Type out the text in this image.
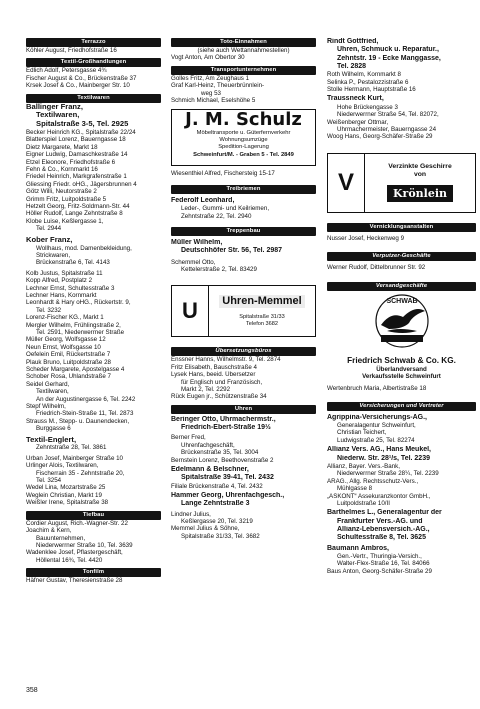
Terrazzo
Köhler August, Friedhofstraße 16
Textil-Großhandlungen
Edlich Adolf, Petersgasse 4¾
Fischer August & Co., Brückenstraße 37
Krsek Josef & Co., Mainberger Str. 10
Textilwaren
Ballinger Franz,
Textilwaren,
Spitalstraße 3-5, Tel. 2925
Becker Heinrich KG., Spitalstraße 22/24
Blatterspiel Lorenz, Bauerngasse 18
Dietz Margarete, Markt 18
Eigner Ludwig, Damaschkestraße 14
Etzel Eleonore, Friedhofstraße 6
Fehn & Co., Kornmarkt 16
Friedel Heinrich, Markgrafenstraße 1
Gliessing Friedr. oHG., Jägersbrunnen 4
Götz Willi, Neutorstraße 2
Grimm Fritz, Luitpoldstraße 5
Hetzelt Georg, Fritz-Soldmann-Str. 44
Höller Rudolf, Lange Zehntstraße 8
Klobe Luise, Keßlergasse 1,
Tel. 2944
Kober Franz,
Wollhaus, mod. Damenbekleidung,
Strickwaren,
Brückenstraße 6, Tel. 4143
Kolb Justus, Spitalstraße 11
Kopp Alfred, Postplatz 2
Lechner Ernst, Schultesstraße 3
Lechner Hans, Kornmarkt
Leonhardt & Hary oHG., Rückertstr. 9,
Tel. 3232
Lorenz-Fischer KG., Markt 1
Mergler Wilhelm, Frühlingstraße 2,
Tel. 2591, Niederwerrner Straße
Müller Georg, Wolfsgasse 12
Neun Ernst, Wolfsgasse 10
Oefelein Emil, Rückertstraße 7
Plauk Bruno, Luitpoldstraße 28
Scheder Margarete, Apostelgasse 4
Schober Rosa, Uhlandstraße 7
Seidel Gerhard,
Textilwaren,
An der Augustinergasse 6, Tel. 2242
Stepf Wilhelm,
Friedrich-Stein-Straße 11, Tel. 2873
Strauss M., Stepp- u. Daunendecken,
Burggasse 6
Textil-Englert,
Zehntstraße 28, Tel. 3861
Urban Josef, Mainberger Straße 10
Urlinger Alois, Textilwaren,
Fischerrain 35 - Zehntstraße 20,
Tel. 3254
Wedel Lina, Mozartstraße 25
Weglein Christian, Markt 19
Weißler Irene, Spitalstraße 38
Tiefbau
Cordier August, Rich.-Wagner-Str. 22
Joachim & Kern,
Bauunternehmen,
Niederwerrner Straße 10, Tel. 3639
Wadenklee Josef, Pflastergeschäft,
Höllental 16¾, Tel. 4420
Tonfilm
Häfner Gustav, Theresienstraße 28
Toto-Einnahmen
(siehe auch Wettannahmestellen)
Vogt Anton, Am Obertor 30
Transportunternehmen
Golles Fritz, Am Zeughaus 1
Graf Karl-Heinz, Theuerbrünnlein-
weg 53
Schmich Michael, Eselshöhe 5
J. M. Schulz
Möbeltransporte u. Güterfernverkehr
Wohnungsumzüge
Spedition-Lagerung
Schweinfurt/M. - Graben 5 - Tel. 2849
Wiesenthiel Alfred, Fischersteig 15-17
Treibriemen
Federolf Leonhard,
Leder-, Gummi- und Keilriemen,
Zehntstraße 22, Tel. 2940
Treppenbau
Müller Wilhelm,
Deutschhöfer Str. 56, Tel. 2987
Schemmel Otto,
Kettelerstraße 2, Tel. 83429
U	Uhren-Memmel
Spitalstraße 31/33
Telefon 3682
Übersetzungsbüros
Enssner Hanns, Wilhelmstr. 9, Tel. 2874
Fritz Elisabeth, Bauschstraße 4
Lysek Hans, beeid. Übersetzer
für Englisch und Französisch,
Markt 2, Tel. 2292
Rück Eugen jr., Schützenstraße 34
Uhren
Beringer Otto, Uhrmachermstr.,
Friedrich-Ebert-Straße 19½
Berner Fred,
Uhrenfachgeschäft,
Brückenstraße 35, Tel. 3004
Bernstein Lorenz, Beethovenstraße 2
Edelmann & Belschner,
Spitalstraße 39-41, Tel. 2432
Filiale Brückenstraße 4, Tel. 2432
Hammer Georg, Uhrenfachgesch.,
Lange Zehntstraße 3
Lindner Julius,
Keßlergasse 20, Tel. 3219
Memmel Julius & Söhne,
Spitalstraße 31/33, Tel. 3682
Rindt Gottfried,
Uhren, Schmuck u. Reparatur.,
Zehntstr. 19 - Ecke Manggasse,
Tel. 2828
Roth Wilhelm, Kornmarkt 8
Selinka P., Pestalozzistraße 6
Stolle Hermann, Hauptstraße 16
Traussneck Kurt,
Hohe Brückengasse 3
Niederwerrner Straße 54, Tel. 82072,
Weißenberger Ottmar,
Uhrmachermeister, Bauerngasse 24
Woog Hans, Georg-Schäfer-Straße 29
V
Verzinkte Geschirre
von
Krönlein
Vernicklungsanstalten
Nusser Josef, Heckenweg 9
Verputzer-Geschäfte
Werner Rudolf, Dittelbrunner Str. 92
Versandgeschäfte
SCHWAB
Friedrich Schwab & Co. KG.
Überlandversand
Verkaufsstelle Schweinfurt
Wertenbruch Maria, Albertistraße 18
Versicherungen und Vertreter
Agrippina-Versicherungs-AG.,
Generalagentur Schweinfurt,
Christian Teichert,
Ludwigstraße 25, Tel. 82274
Allianz Vers. AG., Hans Meukel,
Niederw. Str. 28¹/s, Tel. 2239
Allianz, Bayer. Vers.-Bank,
Niederwerrner Straße 28¼, Tel. 2239
ARAG., Allg. Rechtsschutz-Vers.,
Mühlgasse 8
„ASKONT“ Assekuranzkontor GmbH.,
Luitpoldstraße 10/II
Barthelmes L., Generalagentur der
Frankfurter Vers.-AG. und
Allianz-Lebensversich.-AG.,
Schultesstraße 8, Tel. 3625
Baumann Ambros,
Gen.-Vertr., Thuringia-Versich.,
Walter-Flex-Straße 16, Tel. 84066
Baus Anton, Georg-Schäfer-Straße 29
358
